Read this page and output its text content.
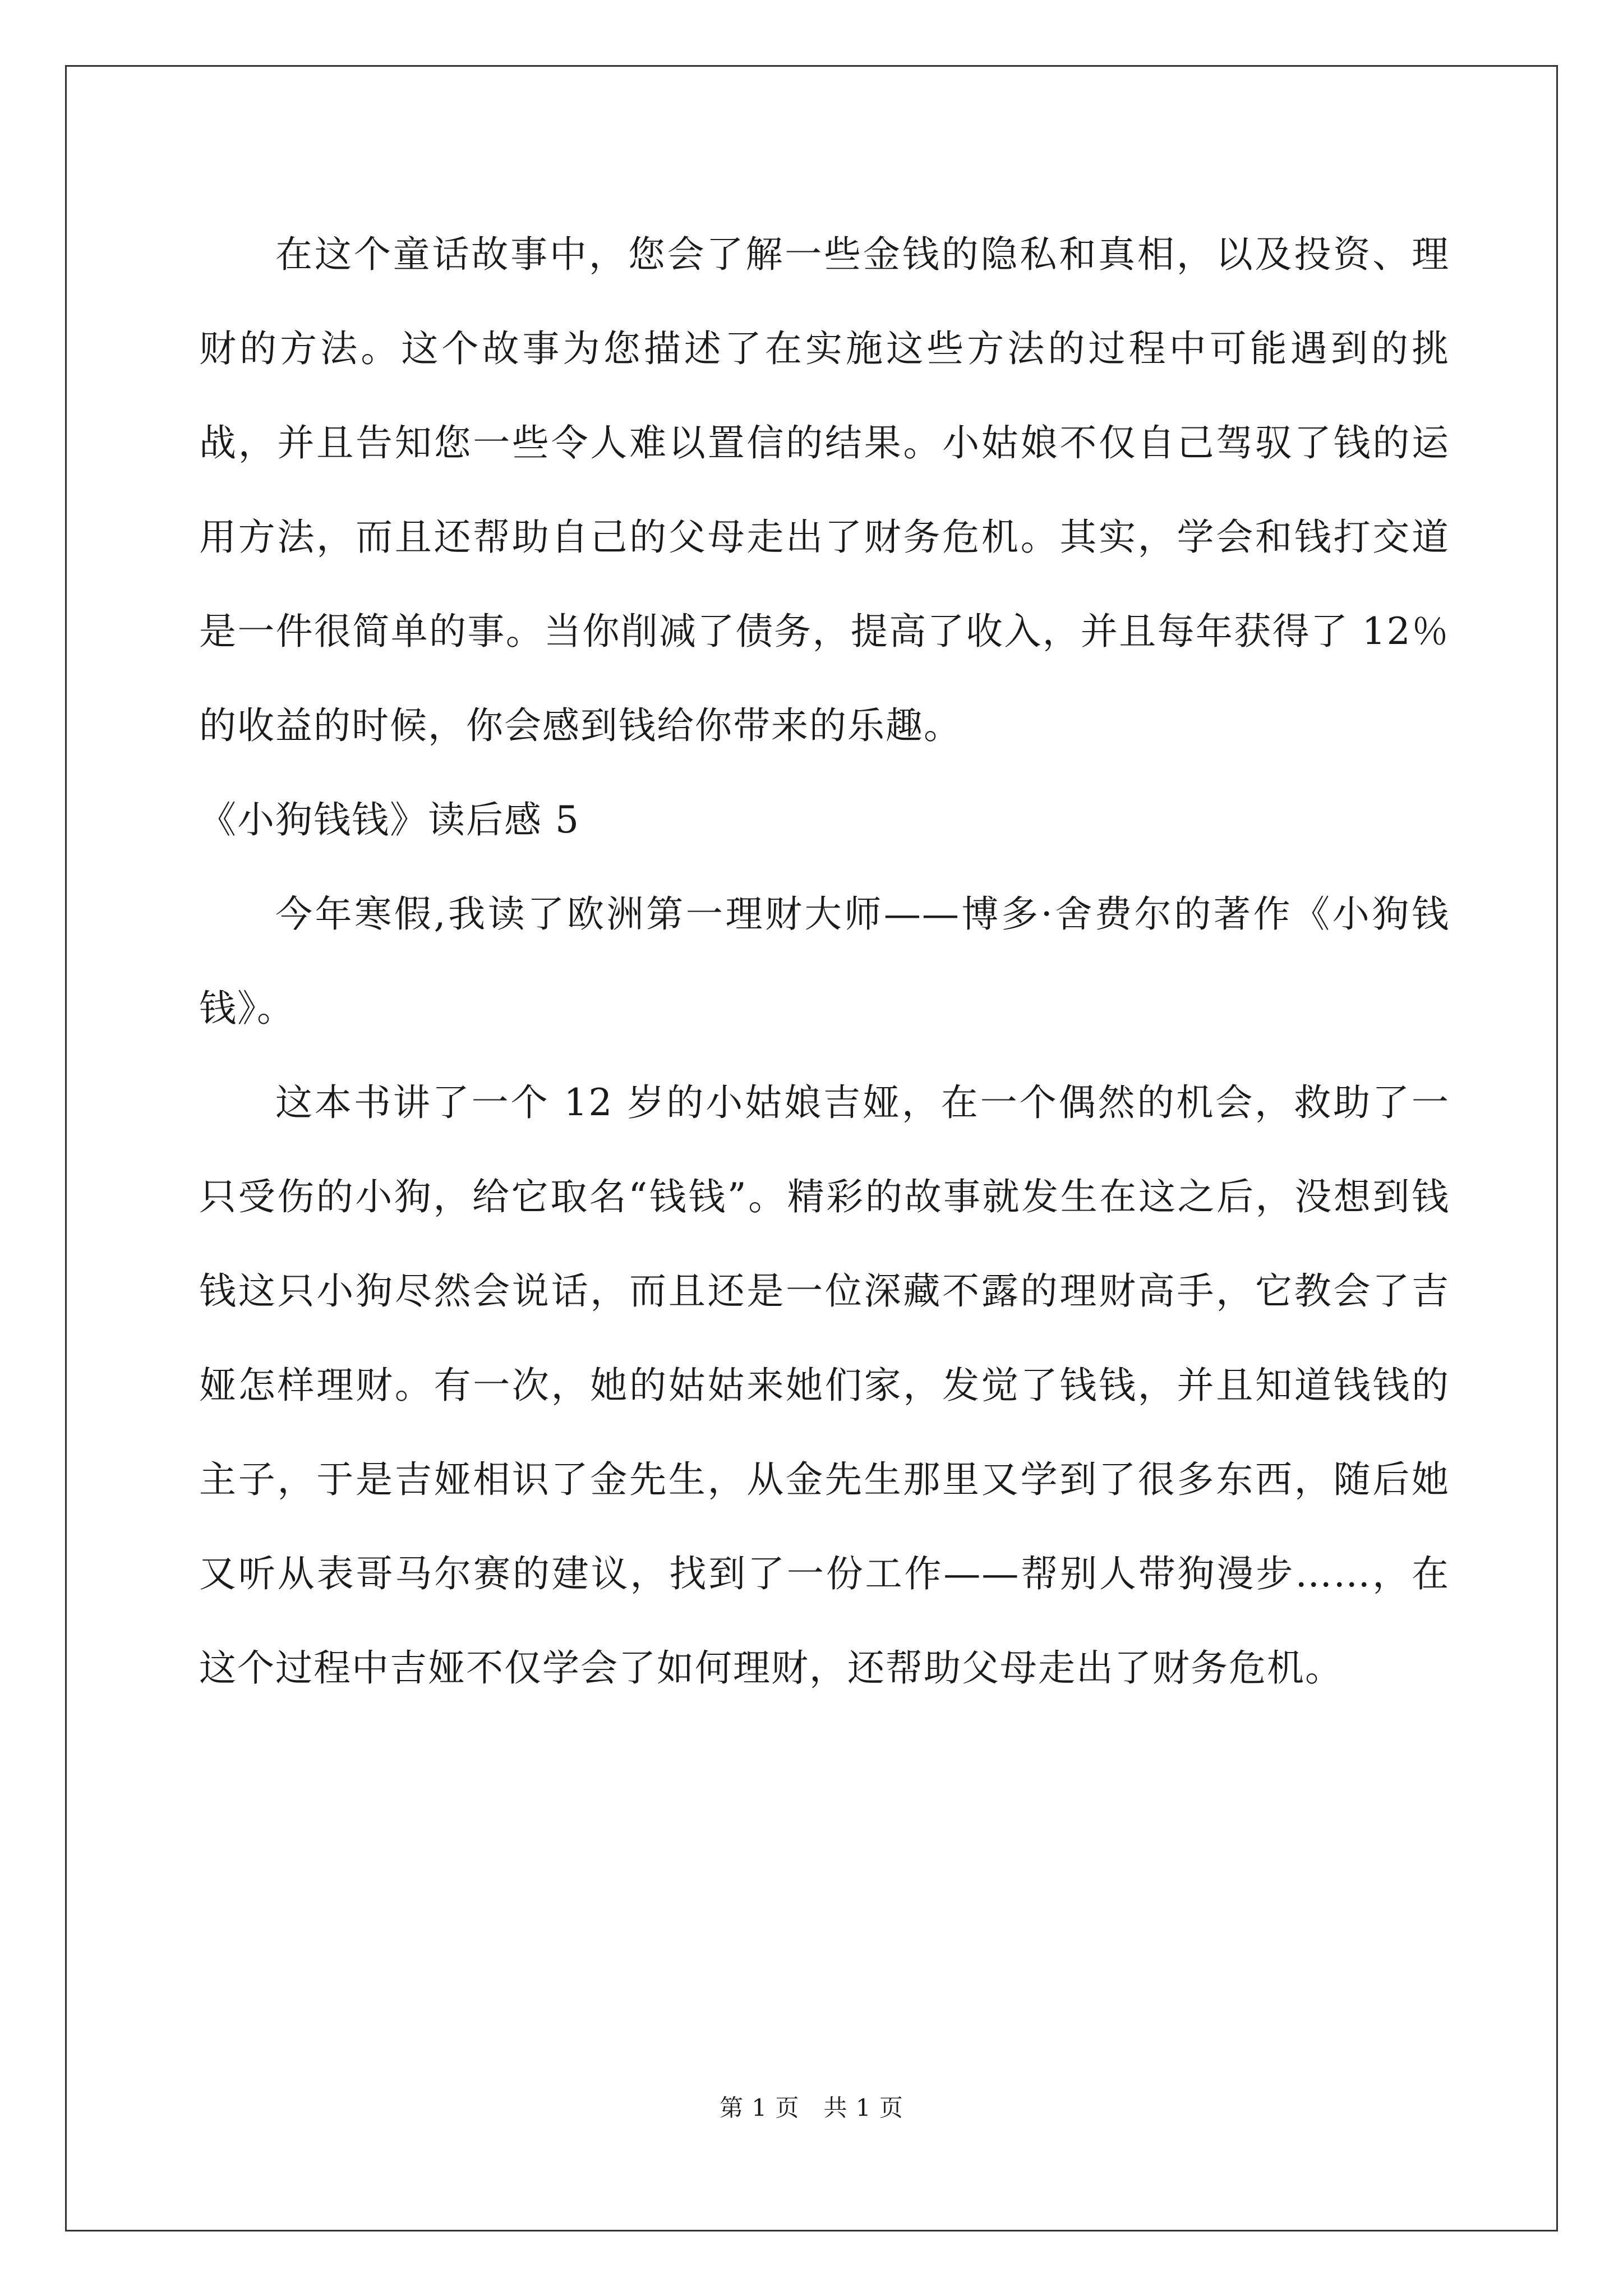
在这个童话故事中，您会了解一些金钱的隐私和真相，以及投资、理财的方法。这个故事为您描述了在实施这些方法的过程中可能遇到的挑战，并且告知您一些令人难以置信的结果。小姑娘不仅自己驾驭了钱的运用方法，而且还帮助自己的父母走出了财务危机。其实，学会和钱打交道是一件很简单的事。当你削减了债务，提高了收入，并且每年获得了 12％的收益的时候，你会感到钱给你带来的乐趣。

《小狗钱钱》读后感 5

今年寒假,我读了欧洲第一理财大师——博多·舍费尔的著作《小狗钱钱》。

这本书讲了一个 12 岁的小姑娘吉娅，在一个偶然的机会，救助了一只受伤的小狗，给它取名“钱钱”。精彩的故事就发生在这之后，没想到钱钱这只小狗尽然会说话，而且还是一位深藏不露的理财高手，它教会了吉娅怎样理财。有一次，她的姑姑来她们家，发觉了钱钱，并且知道钱钱的主子，于是吉娅相识了金先生，从金先生那里又学到了很多东西，随后她又听从表哥马尔赛的建议，找到了一份工作——帮别人带狗漫步……，在这个过程中吉娅不仅学会了如何理财，还帮助父母走出了财务危机。

第 1 页　共 1 页
